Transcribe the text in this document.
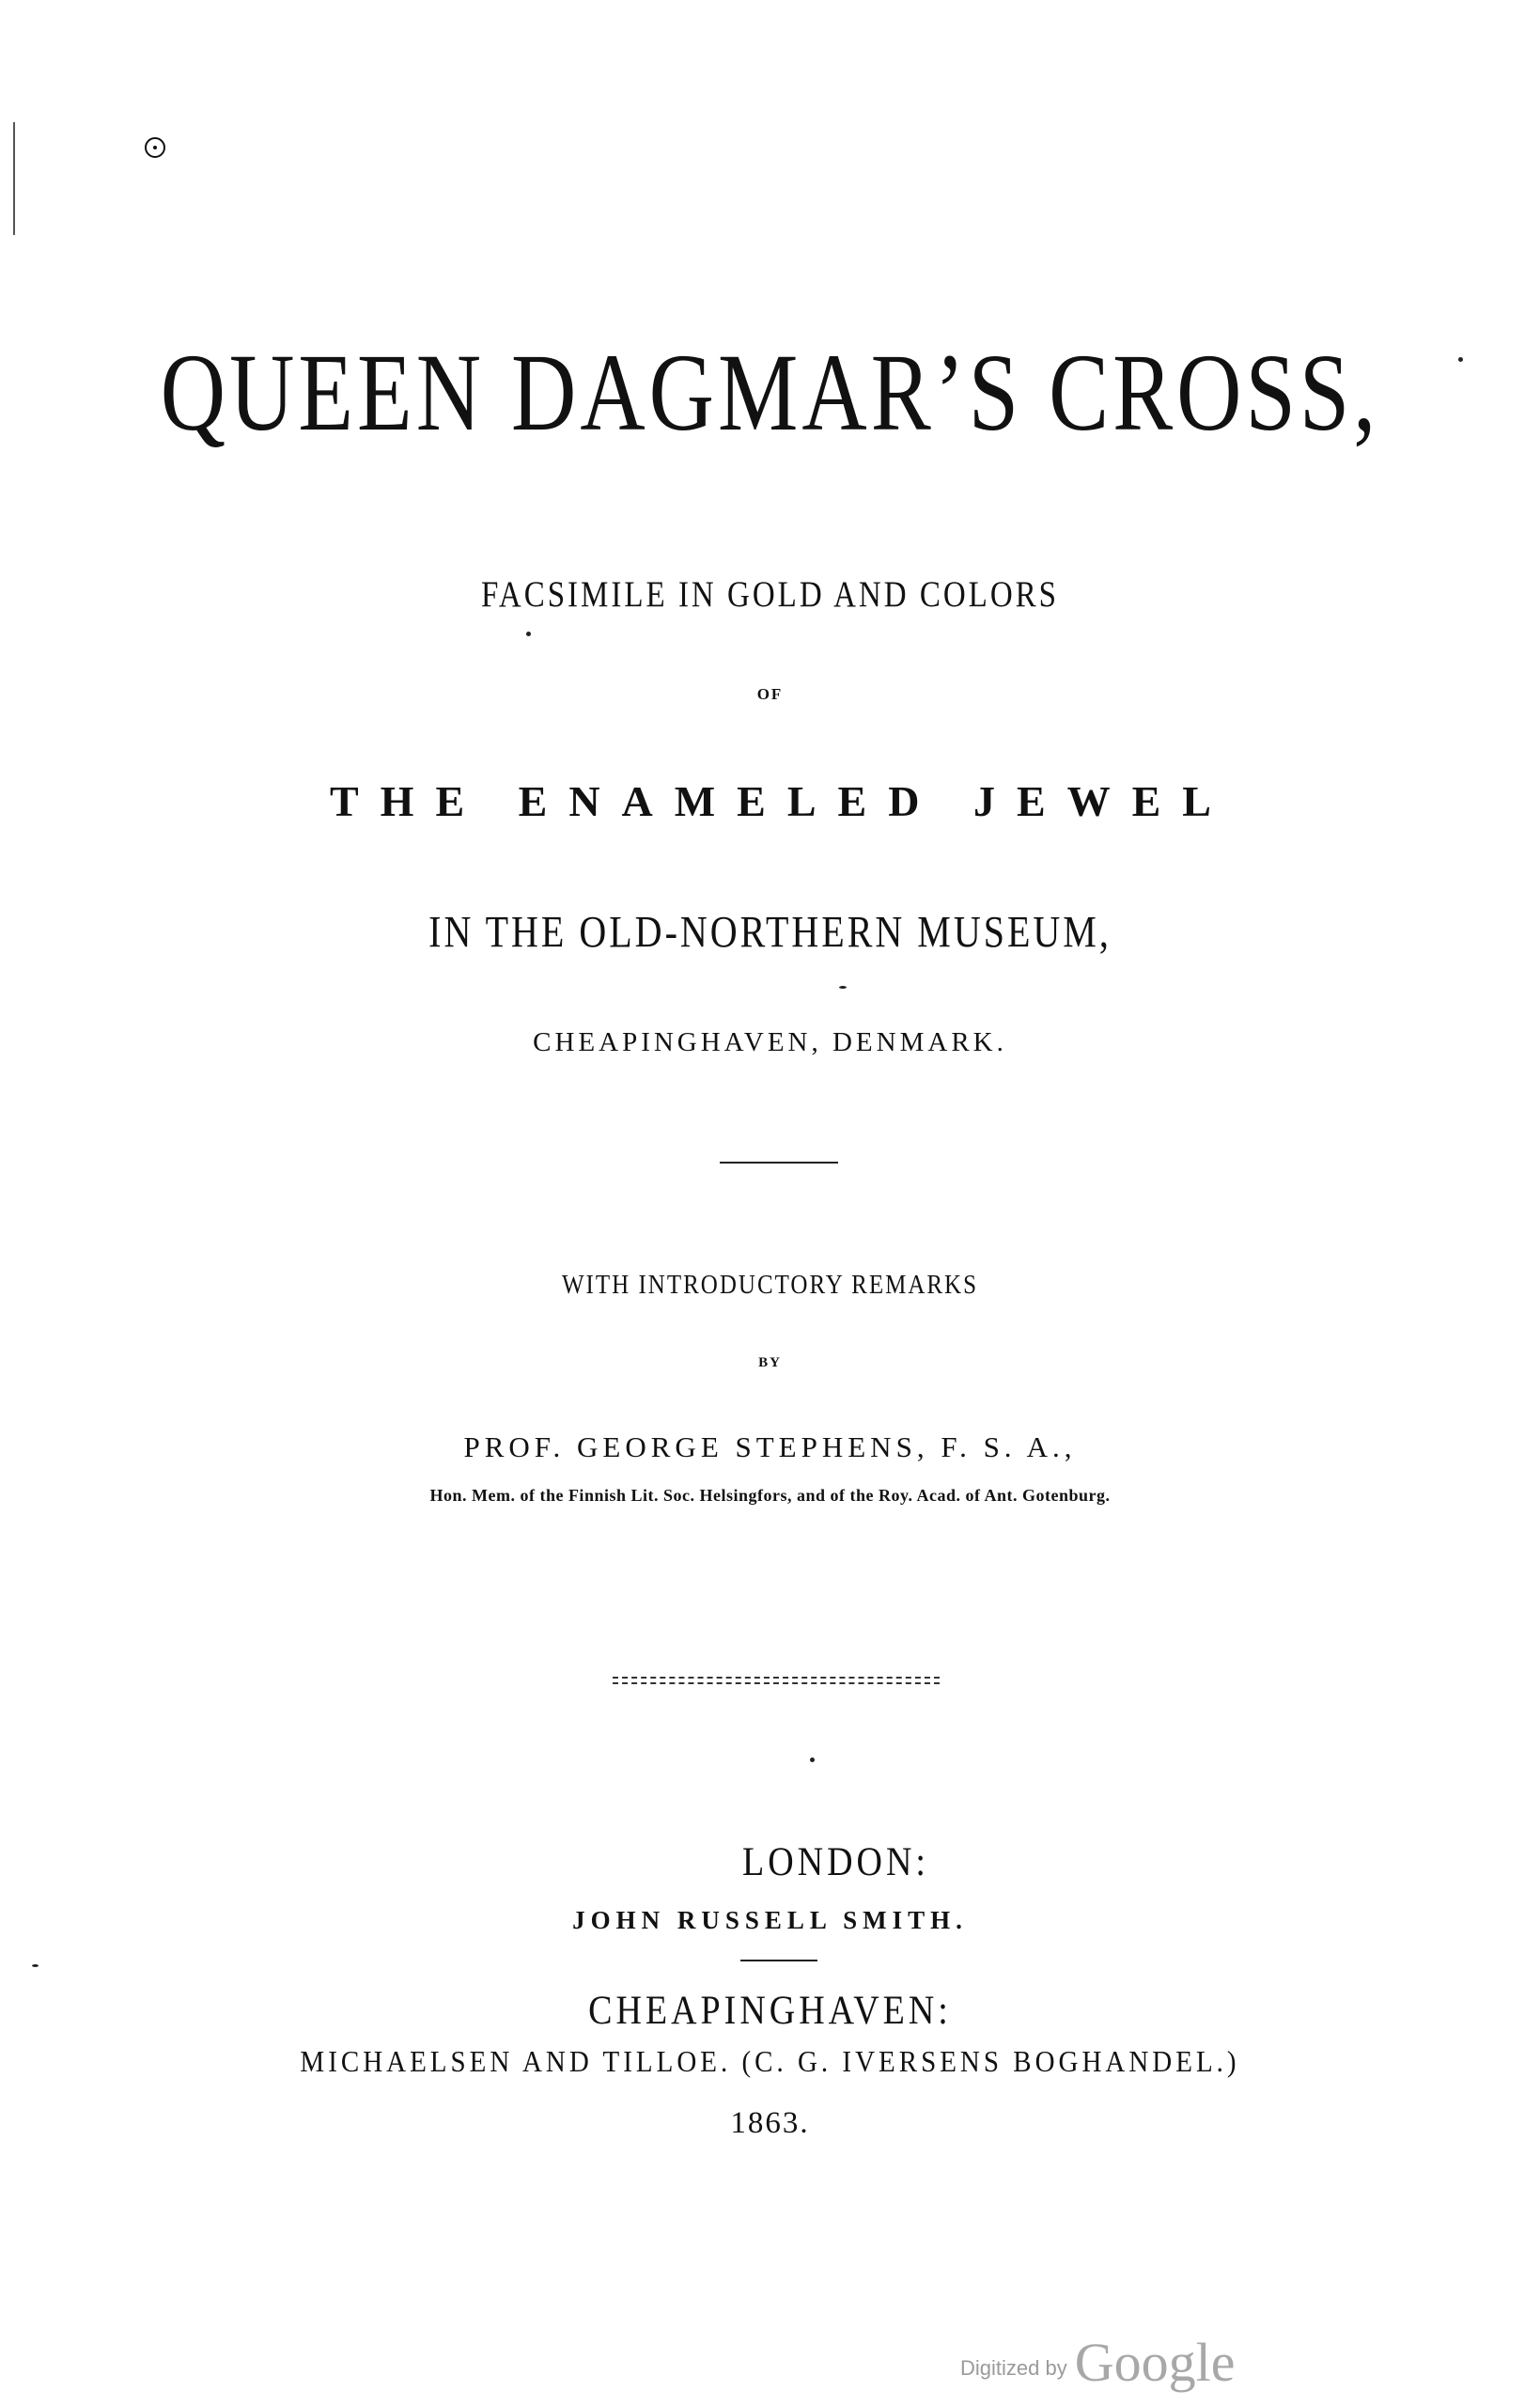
QUEEN DAGMAR’S CROSS,
FACSIMILE IN GOLD AND COLORS
OF
THE ENAMELED JEWEL
IN THE OLD-NORTHERN MUSEUM,
CHEAPINGHAVEN, DENMARK.
WITH INTRODUCTORY REMARKS
BY
PROF. GEORGE STEPHENS, F. S. A.,
Hon. Mem. of the Finnish Lit. Soc. Helsingfors, and of the Roy. Acad. of Ant. Gotenburg.
LONDON:
JOHN RUSSELL SMITH.
CHEAPINGHAVEN:
MICHAELSEN AND TILLOE. (C. G. IVERSENS BOGHANDEL.)
1863.
Digitized by Google
